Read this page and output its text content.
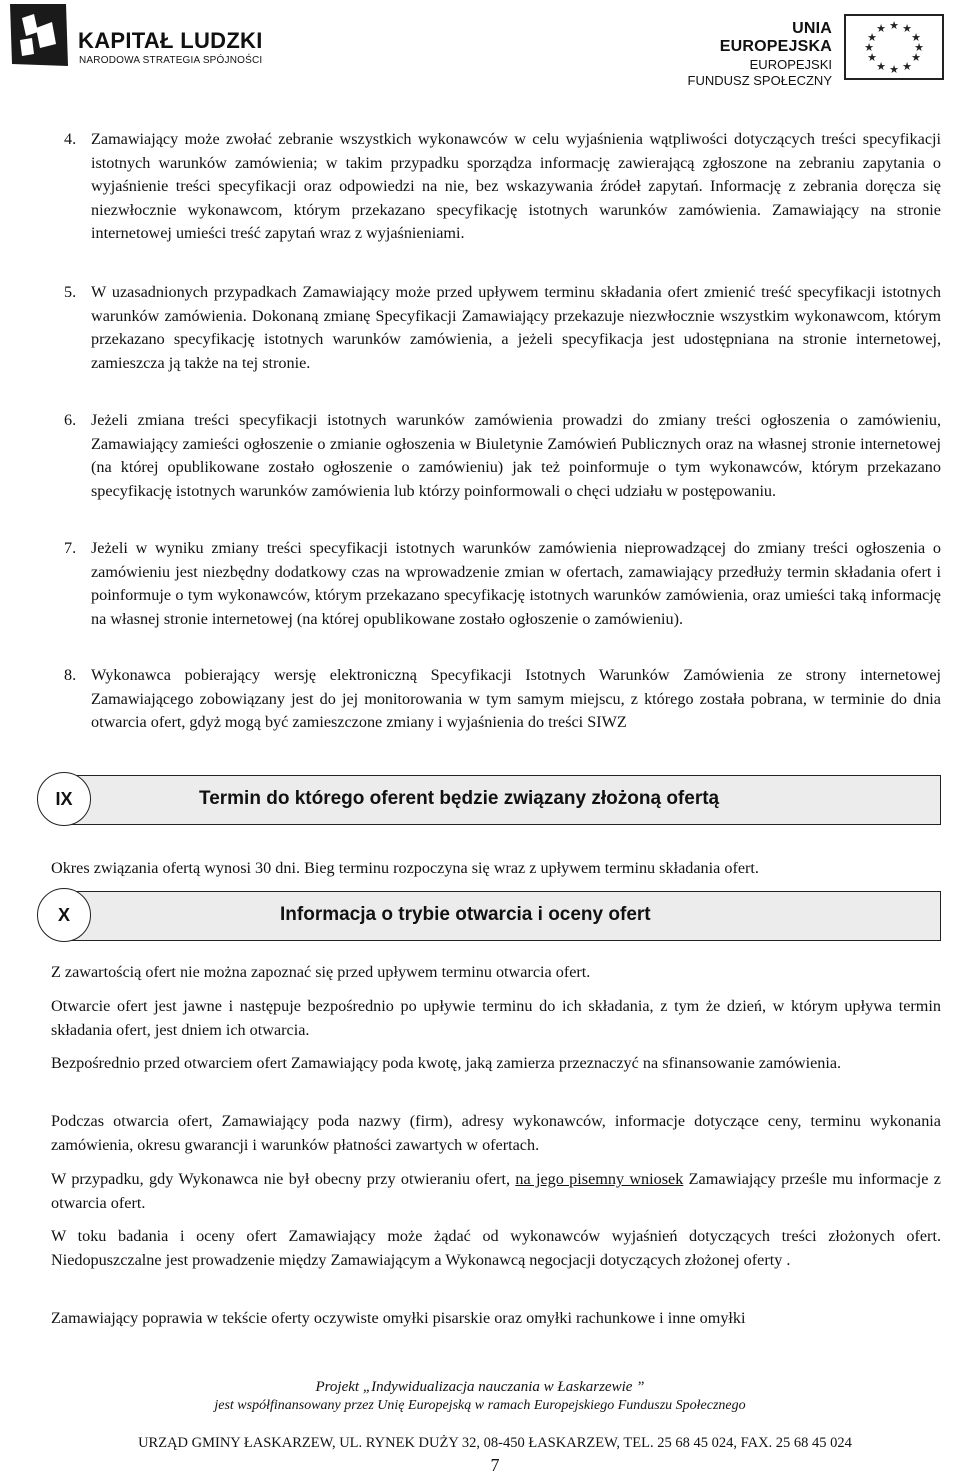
KAPITAŁ LUDZKI
NARODOWA STRATEGIA SPÓJNOŚCI
UNIA EUROPEJSKA
EUROPEJSKI
FUNDUSZ SPOŁECZNY
★ ★
★
★
★
★
★
★
★
★
★
★
4. Zamawiający może zwołać zebranie wszystkich wykonawców w celu wyjaśnienia wątpliwości dotyczących treści specyfikacji istotnych warunków zamówienia; w takim przypadku sporządza informację zawierającą zgłoszone na zebraniu zapytania o wyjaśnienie treści specyfikacji oraz odpowiedzi na nie, bez wskazywania źródeł zapytań. Informację z zebrania doręcza się niezwłocznie wykonawcom, którym przekazano specyfikację istotnych warunków zamówienia. Zamawiający na stronie internetowej umieści treść zapytań wraz z wyjaśnieniami.
5. W uzasadnionych przypadkach Zamawiający może przed upływem terminu składania ofert zmienić treść specyfikacji istotnych warunków zamówienia. Dokonaną zmianę Specyfikacji Zamawiający przekazuje niezwłocznie wszystkim wykonawcom, którym przekazano specyfikację istotnych warunków zamówienia, a jeżeli specyfikacja jest udostępniana na stronie internetowej, zamieszcza ją także na tej stronie.
6. Jeżeli zmiana treści specyfikacji istotnych warunków zamówienia prowadzi do zmiany treści ogłoszenia o zamówieniu, Zamawiający zamieści ogłoszenie o zmianie ogłoszenia w Biuletynie Zamówień Publicznych oraz na własnej stronie internetowej (na której opublikowane zostało ogłoszenie o zamówieniu) jak też poinformuje o tym wykonawców, którym przekazano specyfikację istotnych warunków zamówienia lub którzy poinformowali o chęci udziału w postępowaniu.
7. Jeżeli w wyniku zmiany treści specyfikacji istotnych warunków zamówienia nieprowadzącej do zmiany treści ogłoszenia o zamówieniu jest niezbędny dodatkowy czas na wprowadzenie zmian w ofertach, zamawiający przedłuży termin składania ofert i poinformuje o tym wykonawców, którym przekazano specyfikację istotnych warunków zamówienia, oraz umieści taką informację na własnej stronie internetowej (na której opublikowane zostało ogłoszenie o zamówieniu).
8. Wykonawca pobierający wersję elektroniczną Specyfikacji Istotnych Warunków Zamówienia ze strony internetowej Zamawiającego zobowiązany jest do jej monitorowania w tym samym miejscu, z którego została pobrana, w terminie do dnia otwarcia ofert, gdyż mogą być zamieszczone zmiany i wyjaśnienia do treści SIWZ
IX	Termin do którego oferent będzie związany złożoną ofertą
Okres związania ofertą wynosi 30 dni. Bieg terminu rozpoczyna się wraz z upływem terminu składania ofert.
X	Informacja o trybie otwarcia i oceny ofert
Z zawartością ofert nie można zapoznać się przed upływem terminu otwarcia ofert.
Otwarcie ofert jest jawne i następuje bezpośrednio po upływie terminu do ich składania, z tym że dzień, w którym upływa termin składania ofert, jest dniem ich otwarcia.
Bezpośrednio przed otwarciem ofert Zamawiający poda kwotę, jaką zamierza przeznaczyć na sfinansowanie zamówienia.
Podczas otwarcia ofert, Zamawiający poda nazwy (firm), adresy wykonawców, informacje dotyczące ceny, terminu wykonania zamówienia, okresu gwarancji i warunków płatności zawartych w ofertach.
W przypadku, gdy Wykonawca nie był obecny przy otwieraniu ofert, na jego pisemny wniosek Zamawiający prześle mu informacje z otwarcia ofert.
W toku badania i oceny ofert Zamawiający może żądać od wykonawców wyjaśnień dotyczących treści złożonych ofert. Niedopuszczalne jest prowadzenie między Zamawiającym a Wykonawcą negocjacji dotyczących złożonej oferty .
Zamawiający poprawia w tekście oferty oczywiste omyłki pisarskie oraz omyłki rachunkowe i inne omyłki
Projekt „Indywidualizacja nauczania w Łaskarzewie ”
jest współfinansowany przez Unię Europejską w ramach Europejskiego Funduszu Społecznego
URZĄD GMINY ŁASKARZEW, UL. RYNEK DUŻY 32, 08-450 ŁASKARZEW, TEL. 25 68 45 024, FAX. 25 68 45 024
7
